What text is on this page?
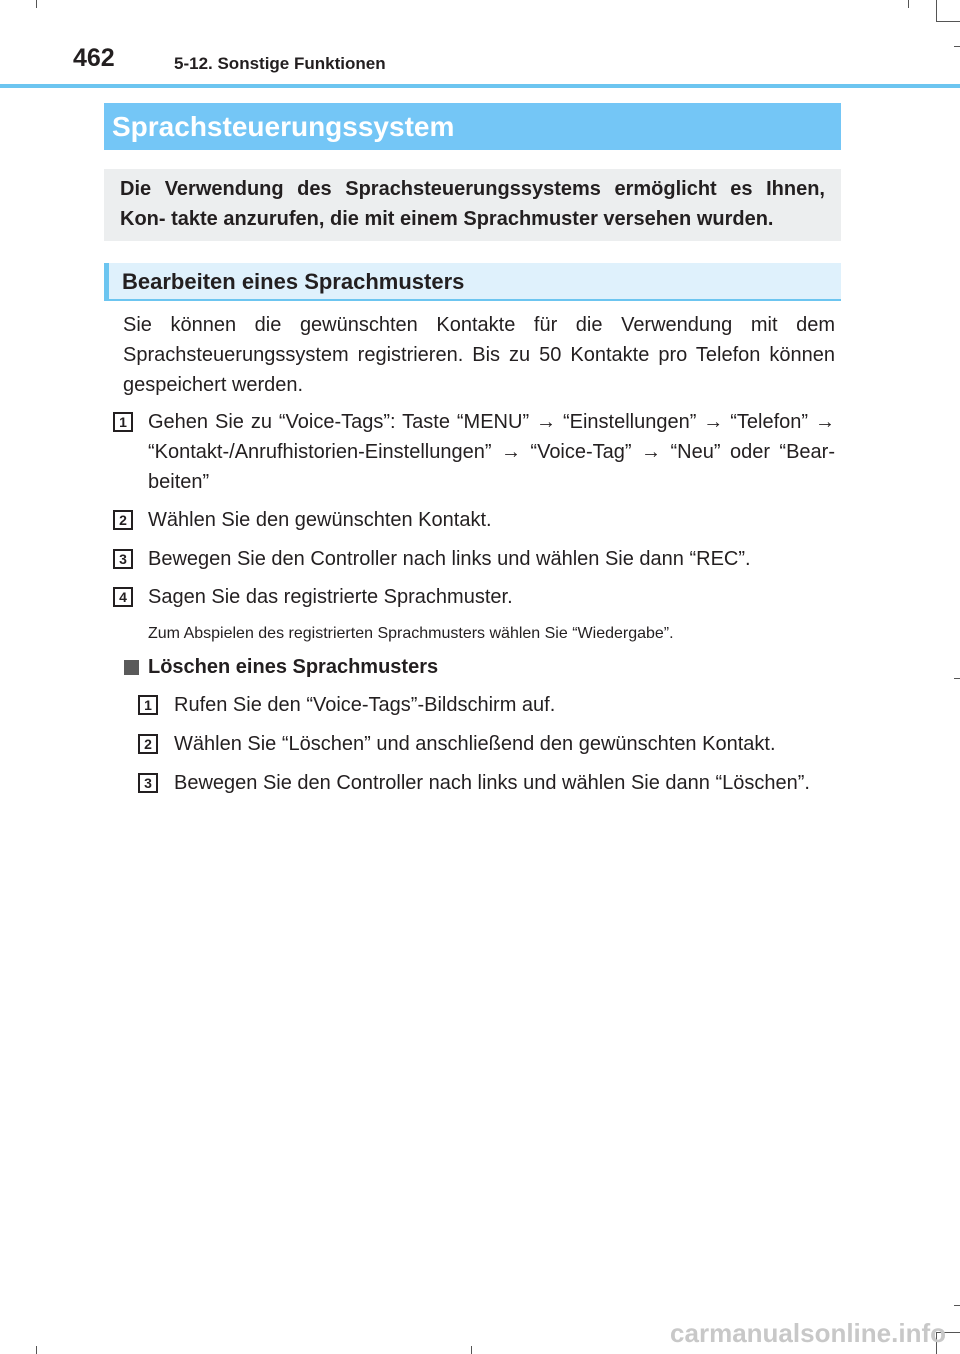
462	5-12. Sonstige Funktionen
Sprachsteuerungssystem
Die Verwendung des Sprachsteuerungssystems ermöglicht es Ihnen, Kon- takte anzurufen, die mit einem Sprachmuster versehen wurden.
Bearbeiten eines Sprachmusters
Sie können die gewünschten Kontakte für die Verwendung mit dem Sprachsteuerungssystem registrieren. Bis zu 50 Kontakte pro Telefon können gespeichert werden.
1	Gehen Sie zu “Voice-Tags”: Taste “MENU” → “Einstellungen” → “Telefon” → “Kontakt-/Anrufhistorien-Einstellungen” → “Voice-Tag” → “Neu” oder “Bear- beiten”
2	Wählen Sie den gewünschten Kontakt.
3	Bewegen Sie den Controller nach links und wählen Sie dann “REC”.
4	Sagen Sie das registrierte Sprachmuster.
Zum Abspielen des registrierten Sprachmusters wählen Sie “Wiedergabe”.
Löschen eines Sprachmusters
1	Rufen Sie den “Voice-Tags”-Bildschirm auf.
2	Wählen Sie “Löschen” und anschließend den gewünschten Kontakt.
3	Bewegen Sie den Controller nach links und wählen Sie dann “Löschen”.
carmanualsonline.info
